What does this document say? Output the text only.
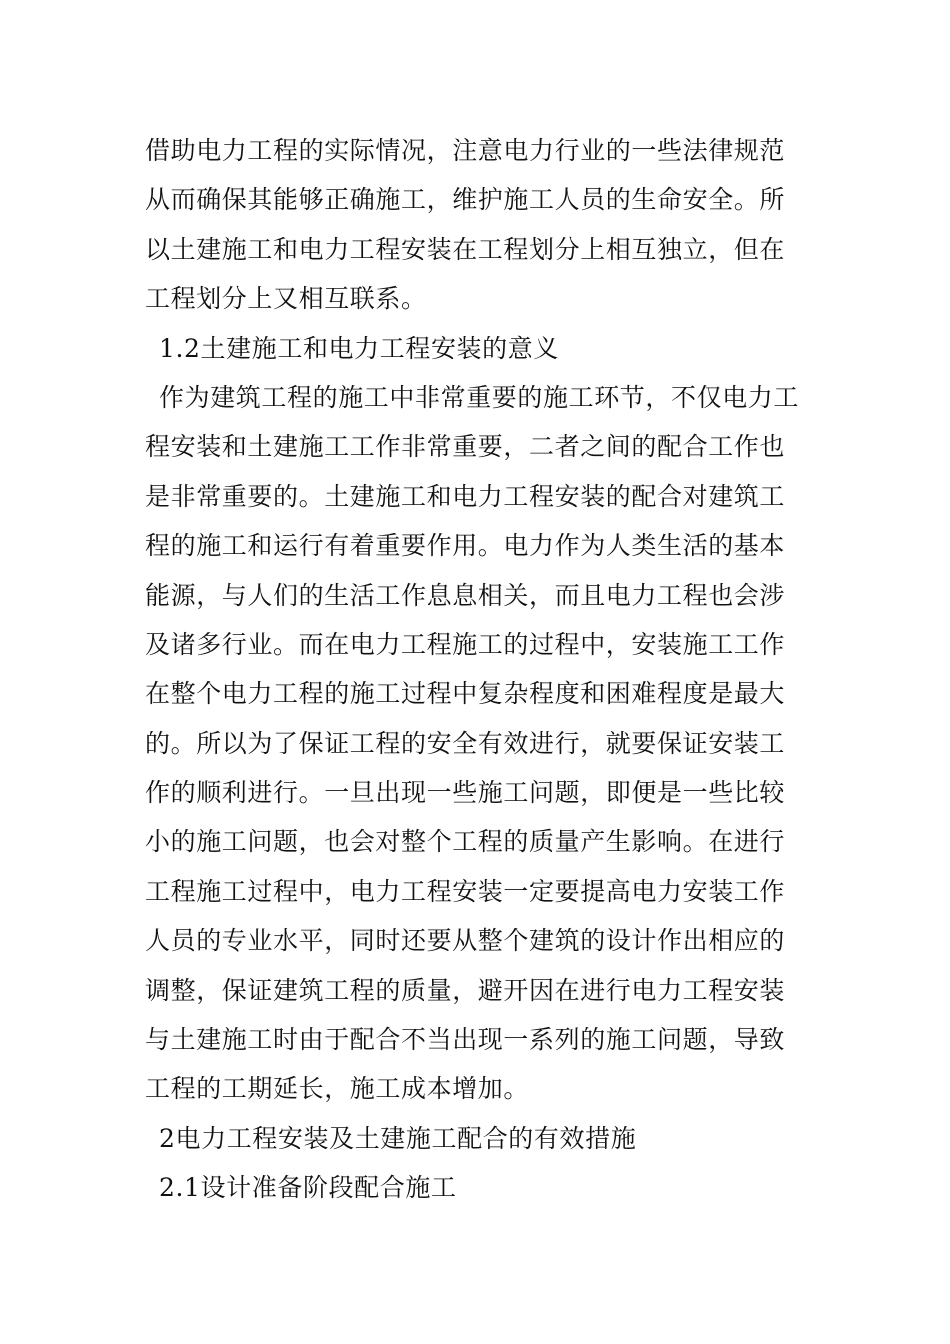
借助电力工程的实际情况，注意电力行业的一些法律规范
从而确保其能够正确施工，维护施工人员的生命安全。所
以土建施工和电力工程安装在工程划分上相互独立，但在
工程划分上又相互联系。
1.2土建施工和电力工程安装的意义
作为建筑工程的施工中非常重要的施工环节，不仅电力工
程安装和土建施工工作非常重要，二者之间的配合工作也
是非常重要的。土建施工和电力工程安装的配合对建筑工
程的施工和运行有着重要作用。电力作为人类生活的基本
能源，与人们的生活工作息息相关，而且电力工程也会涉
及诸多行业。而在电力工程施工的过程中，安装施工工作
在整个电力工程的施工过程中复杂程度和困难程度是最大
的。所以为了保证工程的安全有效进行，就要保证安装工
作的顺利进行。一旦出现一些施工问题，即便是一些比较
小的施工问题，也会对整个工程的质量产生影响。在进行
工程施工过程中，电力工程安装一定要提高电力安装工作
人员的专业水平，同时还要从整个建筑的设计作出相应的
调整，保证建筑工程的质量，避开因在进行电力工程安装
与土建施工时由于配合不当出现一系列的施工问题，导致
工程的工期延长，施工成本增加。
2电力工程安装及土建施工配合的有效措施
2.1设计准备阶段配合施工
